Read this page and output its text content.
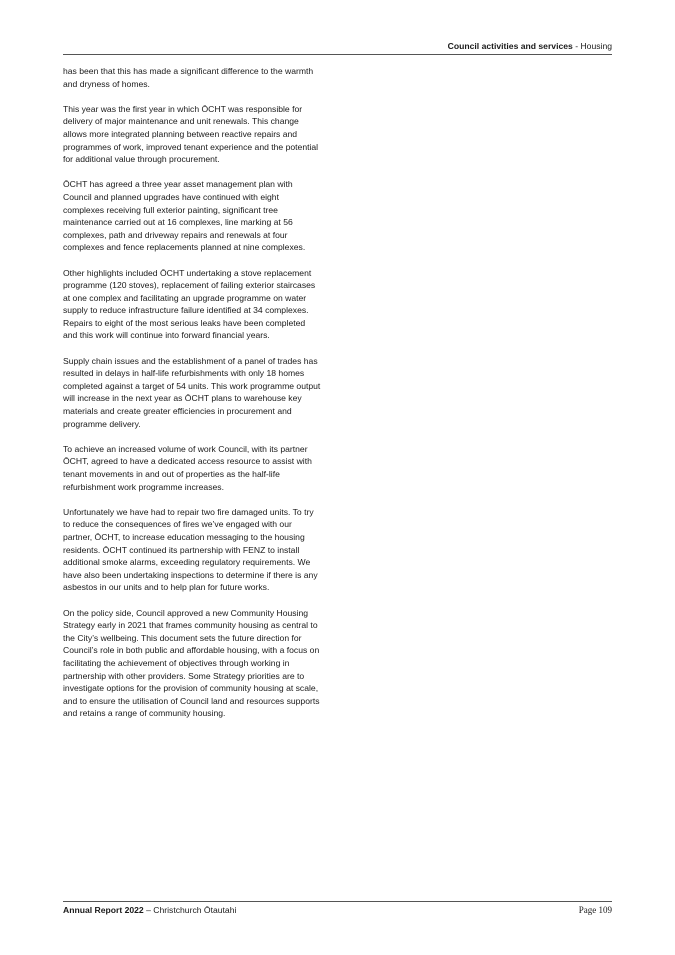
Council activities and services - Housing

has been that this has made a significant difference to the warmth and dryness of homes.

This year was the first year in which ŌCHT was responsible for delivery of major maintenance and unit renewals. This change allows more integrated planning between reactive repairs and programmes of work, improved tenant experience and the potential for additional value through procurement.

ŌCHT has agreed a three year asset management plan with Council and planned upgrades have continued with eight complexes receiving full exterior painting, significant tree maintenance carried out at 16 complexes, line marking at 56 complexes, path and driveway repairs and renewals at four complexes and fence replacements planned at nine complexes.

Other highlights included ŌCHT undertaking a stove replacement programme (120 stoves), replacement of failing exterior staircases at one complex and facilitating an upgrade programme on water supply to reduce infrastructure failure identified at 34 complexes. Repairs to eight of the most serious leaks have been completed and this work will continue into forward financial years.

Supply chain issues and the establishment of a panel of trades has resulted in delays in half-life refurbishments with only 18 homes completed against a target of 54 units. This work programme output will increase in the next year as ŌCHT plans to warehouse key materials and create greater efficiencies in procurement and programme delivery.

To achieve an increased volume of work Council, with its partner ŌCHT, agreed to have a dedicated access resource to assist with tenant movements in and out of properties as the half-life refurbishment work programme increases.

Unfortunately we have had to repair two fire damaged units. To try to reduce the consequences of fires we’ve engaged with our partner, ŌCHT, to increase education messaging to the housing residents. ŌCHT continued its partnership with FENZ to install additional smoke alarms, exceeding regulatory requirements. We have also been undertaking inspections to determine if there is any asbestos in our units and to help plan for future works.

On the policy side, Council approved a new Community Housing Strategy early in 2021 that frames community housing as central to the City’s wellbeing. This document sets the future direction for Council’s role in both public and affordable housing, with a focus on facilitating the achievement of objectives through working in partnership with other providers. Some Strategy priorities are to investigate options for the provision of community housing at scale, and to ensure the utilisation of Council land and resources supports and retains a range of community housing.

Annual Report 2022 – Christchurch Ōtautahi	Page 109
